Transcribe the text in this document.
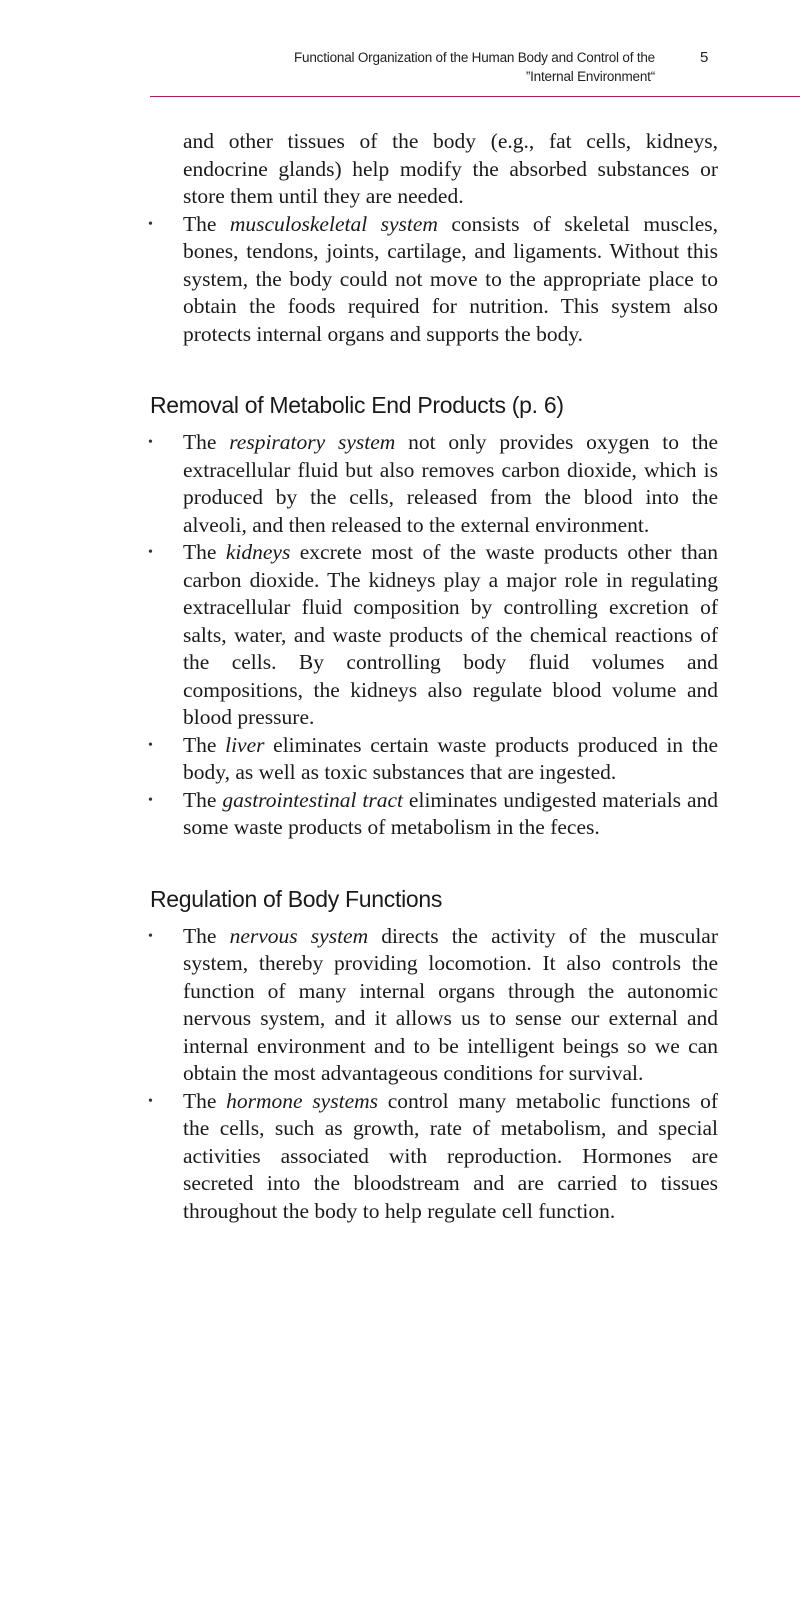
Functional Organization of the Human Body and Control of the
”Internal Environment“
5

and other tissues of the body (e.g., fat cells, kidneys, endocrine glands) help modify the absorbed substances or store them until they are needed.

• The musculoskeletal system consists of skeletal muscles, bones, tendons, joints, cartilage, and ligaments. Without this system, the body could not move to the appropriate place to obtain the foods required for nutrition. This system also protects internal organs and supports the body.
Removal of Metabolic End Products (p. 6)
• The respiratory system not only provides oxygen to the extracellular fluid but also removes carbon dioxide, which is produced by the cells, released from the blood into the alveoli, and then released to the external environment.
• The kidneys excrete most of the waste products other than carbon dioxide. The kidneys play a major role in regulating extracellular fluid composition by controlling excretion of salts, water, and waste products of the chemical reactions of the cells. By controlling body fluid volumes and compositions, the kidneys also regulate blood volume and blood pressure.
• The liver eliminates certain waste products produced in the body, as well as toxic substances that are ingested.
• The gastrointestinal tract eliminates undigested materials and some waste products of metabolism in the feces.
Regulation of Body Functions
• The nervous system directs the activity of the muscular system, thereby providing locomotion. It also controls the function of many internal organs through the autonomic nervous system, and it allows us to sense our external and internal environment and to be intelligent beings so we can obtain the most advantageous conditions for survival.
• The hormone systems control many metabolic functions of the cells, such as growth, rate of metabolism, and special activities associated with reproduction. Hormones are secreted into the bloodstream and are carried to tissues throughout the body to help regulate cell function.
